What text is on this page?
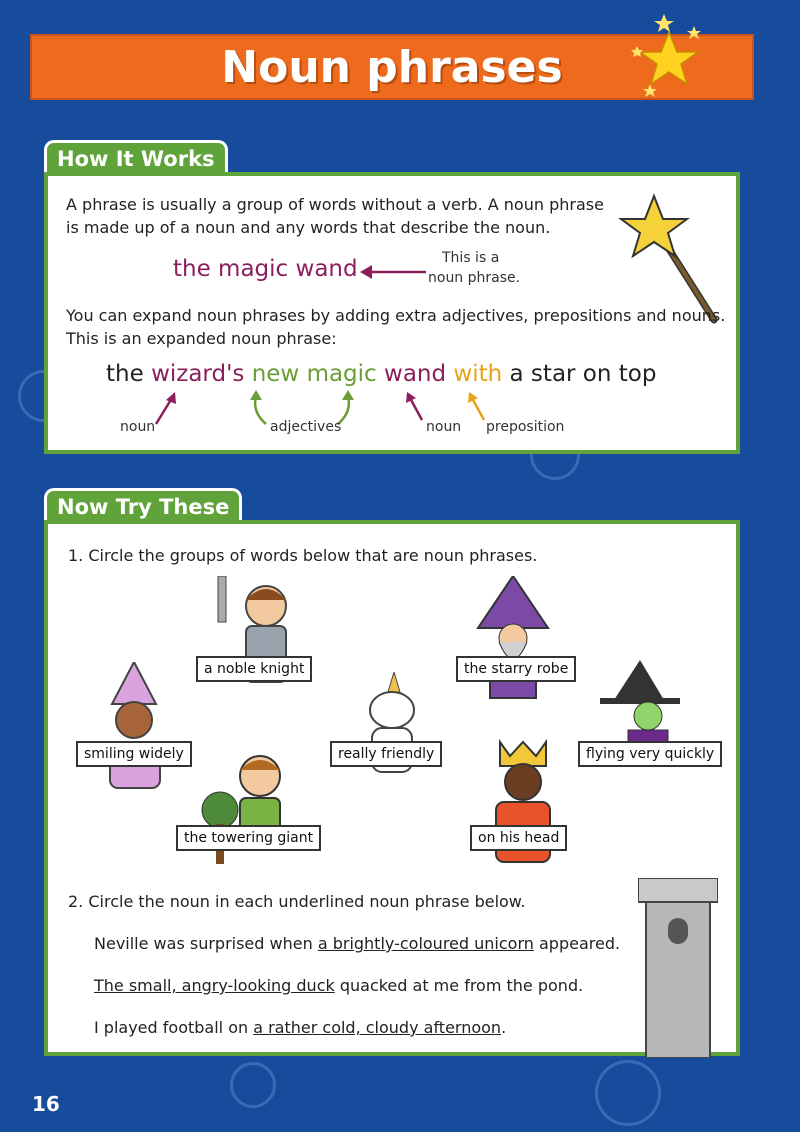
Noun phrases
How It Works
A phrase is usually a group of words without a verb. A noun phrase
is made up of a noun and any words that describe the noun.
the magic wand	This is a
noun phrase.
You can expand noun phrases by adding extra adjectives, prepositions and nouns.
This is an expanded noun phrase:
the wizard's new magic wand with a star on top
noun	adjectives	noun preposition
Now Try These
1. Circle the groups of words below that are noun phrases.
a noble knight	the starry robe
smiling widely	really friendly	flying very quickly
the towering giant	on his head
2. Circle the noun in each underlined noun phrase below.
Neville was surprised when a brightly-coloured unicorn appeared.
The small, angry-looking duck quacked at me from the pond.
I played football on a rather cold, cloudy afternoon.
16
